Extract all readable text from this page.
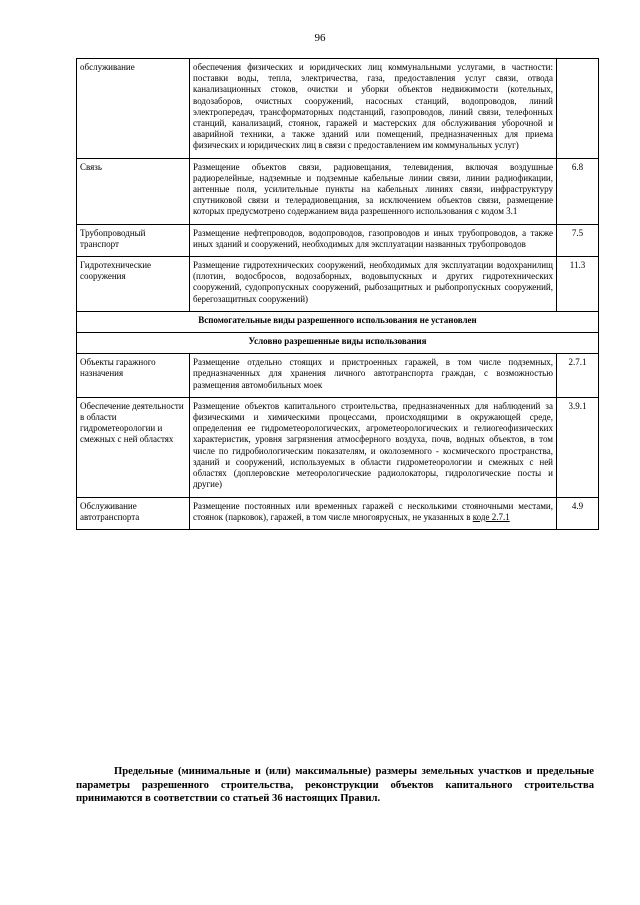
96
обслуживание	обеспечения физических и юридических лиц коммунальными услугами, в частности: поставки воды, тепла, электричества, газа, предоставления услуг связи, отвода канализационных стоков, очистки и уборки объектов недвижимости (котельных, водозаборов, очистных сооружений, насосных станций, водопроводов, линий электропередач, трансформаторных подстанций, газопроводов, линий связи, телефонных станций, канализаций, стоянок, гаражей и мастерских для обслуживания уборочной и аварийной техники, а также зданий или помещений, предназначенных для приема физических и юридических лиц в связи с предоставлением им коммунальных услуг)	
Связь	Размещение объектов связи, радиовещания, телевидения, включая воздушные радиорелейные, надземные и подземные кабельные линии связи, линии радиофикации, антенные поля, усилительные пункты на кабельных линиях связи, инфраструктуру спутниковой связи и телерадиовещания, за исключением объектов связи, размещение которых предусмотрено содержанием вида разрешенного использования с кодом 3.1	6.8
Трубопроводный транспорт	Размещение нефтепроводов, водопроводов, газопроводов и иных трубопроводов, а также иных зданий и сооружений, необходимых для эксплуатации названных трубопроводов	7.5
Гидротехнические сооружения	Размещение гидротехнических сооружений, необходимых для эксплуатации водохранилищ (плотин, водосбросов, водозаборных, водовыпускных и других гидротехнических сооружений, судопропускных сооружений, рыбозащитных и рыбопропускных сооружений, берегозащитных сооружений)	11.3
Вспомогательные виды разрешенного использования не установлен		
Условно разрешенные виды использования		
Объекты гаражного назначения	Размещение отдельно стоящих и пристроенных гаражей, в том числе подземных, предназначенных для хранения личного автотранспорта граждан, с возможностью размещения автомобильных моек	2.7.1
Обеспечение деятельности в области гидрометеорологии и смежных с ней областях	Размещение объектов капитального строительства, предназначенных для наблюдений за физическими и химическими процессами, происходящими в окружающей среде, определения ее гидрометеорологических, агрометеорологических и гелиогеофизических характеристик, уровня загрязнения атмосферного воздуха, почв, водных объектов, в том числе по гидробиологическим показателям, и околоземного - космического пространства, зданий и сооружений, используемых в области гидрометеорологии и смежных с ней областях (доплеровские метеорологические радиолокаторы, гидрологические посты и другие)	3.9.1
Обслуживание автотранспорта	Размещение постоянных или временных гаражей с несколькими стояночными местами, стоянок (парковок), гаражей, в том числе многоярусных, не указанных в коде 2.7.1	4.9

Предельные (минимальные и (или) максимальные) размеры земельных участков и предельные параметры разрешенного строительства, реконструкции объектов капитального строительства принимаются в соответствии со статьей 36 настоящих Правил.
